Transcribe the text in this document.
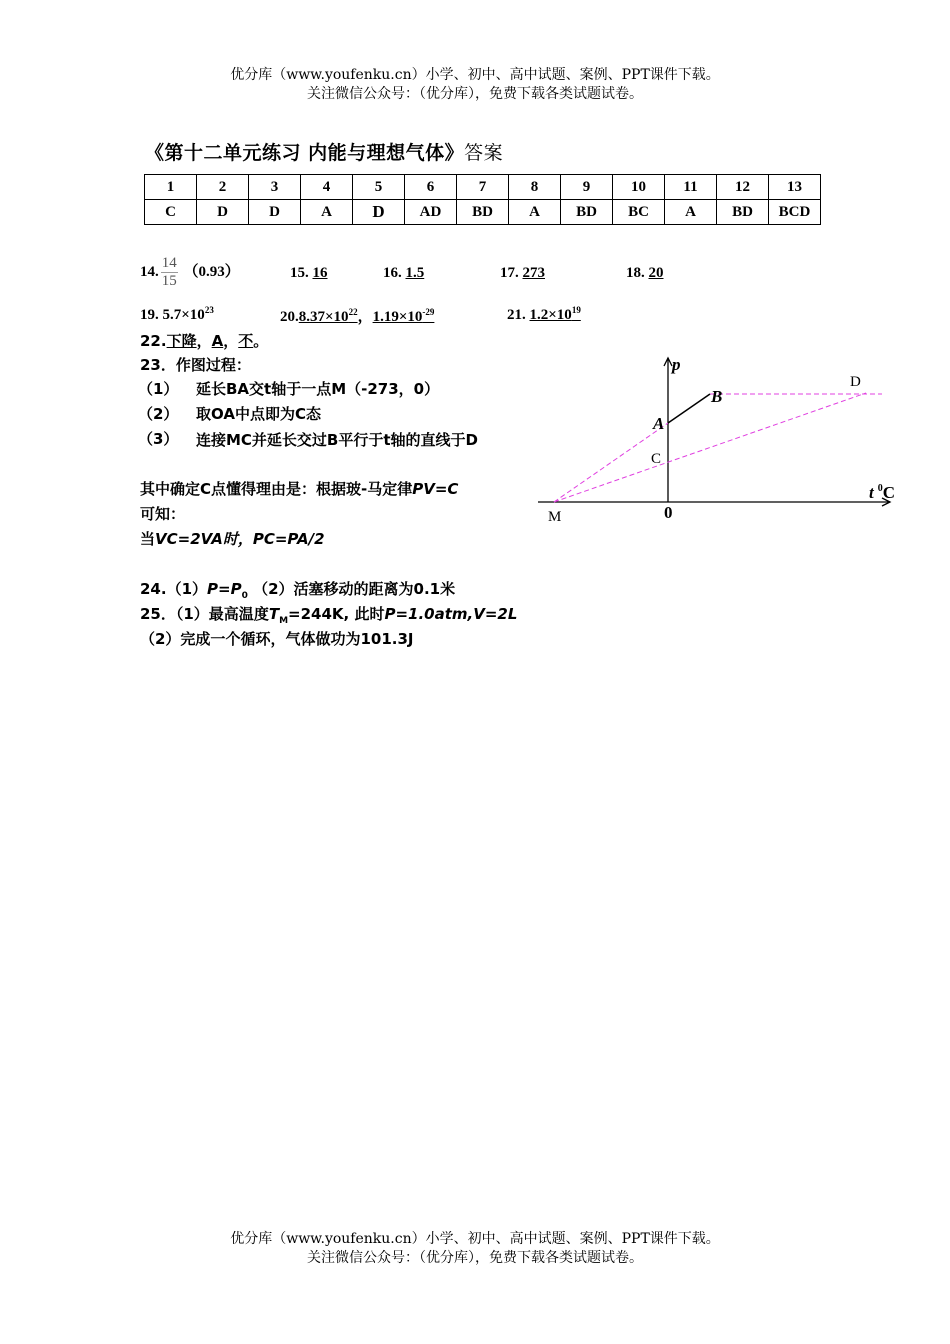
优分库（www.youfenku.cn）小学、初中、高中试题、案例、PPT课件下载。
关注微信公众号：（优分库），免费下载各类试题试卷。
《第十二单元练习 内能与理想气体》答案
1	2	3	4	5	6	7	8	9	10	11	12	13
C	D	D	A	D	AD	BD	A	BD	BC	A	BD	BCD
14. $\frac{14}{15} (0.93)$	15. 16	16. 1.5	17. 273	18. 20
19. $5.7\times 10^{23}$	$20.8.37\times 10^{22}$，$1.19\times 10^{-29}$	21. $1.2\times 10^{19}$
22.下降，A，不。
23．作图过程：
（1） 延长BA交t轴于一点M（-273，0）
（2） 取OA中点即为C态
（3） 连接MC并延长交过B平行于t轴的直线于D
其中确定C点懂得理由是：根据玻-马定律PV=C
可知：
当VC=2VA时，PC=PA/2
$24.(1)P=P_0$ （2）活塞移动的距离为0.1米
25．（1）最高温度$T_M=244K$, 此时P=1.0atm,V=2L
（2）完成一个循环，气体做功为101.3J
p
B
A
C
D
M	0
t $^0$C
优分库（www.youfenku.cn）小学、初中、高中试题、案例、PPT课件下载。
关注微信公众号：（优分库），免费下载各类试题试卷。
